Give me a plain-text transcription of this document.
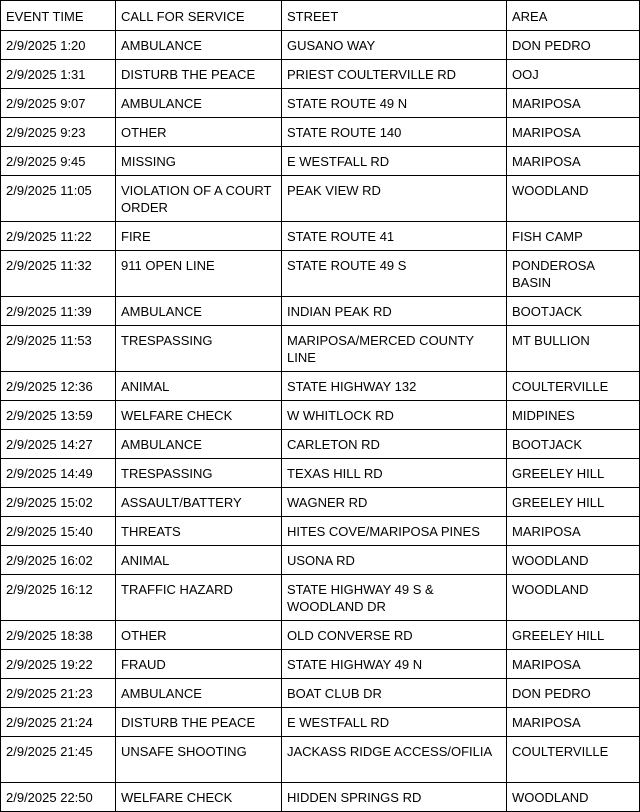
EVENT TIME	CALL FOR SERVICE	STREET	AREA
2/9/2025 1:20	AMBULANCE	GUSANO WAY	DON PEDRO
2/9/2025 1:31	DISTURB THE PEACE	PRIEST COULTERVILLE RD	OOJ
2/9/2025 9:07	AMBULANCE	STATE ROUTE 49 N	MARIPOSA
2/9/2025 9:23	OTHER	STATE ROUTE 140	MARIPOSA
2/9/2025 9:45	MISSING	E WESTFALL RD	MARIPOSA
2/9/2025 11:05	VIOLATION OF A COURT ORDER	PEAK VIEW RD	WOODLAND
2/9/2025 11:22	FIRE	STATE ROUTE 41	FISH CAMP
2/9/2025 11:32	911 OPEN LINE	STATE ROUTE 49 S	PONDEROSA BASIN
2/9/2025 11:39	AMBULANCE	INDIAN PEAK RD	BOOTJACK
2/9/2025 11:53	TRESPASSING	MARIPOSA/MERCED COUNTY LINE	MT BULLION
2/9/2025 12:36	ANIMAL	STATE HIGHWAY 132	COULTERVILLE
2/9/2025 13:59	WELFARE CHECK	W WHITLOCK RD	MIDPINES
2/9/2025 14:27	AMBULANCE	CARLETON RD	BOOTJACK
2/9/2025 14:49	TRESPASSING	TEXAS HILL RD	GREELEY HILL
2/9/2025 15:02	ASSAULT/BATTERY	WAGNER RD	GREELEY HILL
2/9/2025 15:40	THREATS	HITES COVE/MARIPOSA PINES	MARIPOSA
2/9/2025 16:02	ANIMAL	USONA RD	WOODLAND
2/9/2025 16:12	TRAFFIC HAZARD	STATE HIGHWAY 49 S & WOODLAND DR	WOODLAND
2/9/2025 18:38	OTHER	OLD CONVERSE RD	GREELEY HILL
2/9/2025 19:22	FRAUD	STATE HIGHWAY 49 N	MARIPOSA
2/9/2025 21:23	AMBULANCE	BOAT CLUB DR	DON PEDRO
2/9/2025 21:24	DISTURB THE PEACE	E WESTFALL RD	MARIPOSA
2/9/2025 21:45	UNSAFE SHOOTING	JACKASS RIDGE ACCESS/OFILIA	COULTERVILLE
2/9/2025 22:50	WELFARE CHECK	HIDDEN SPRINGS RD	WOODLAND
